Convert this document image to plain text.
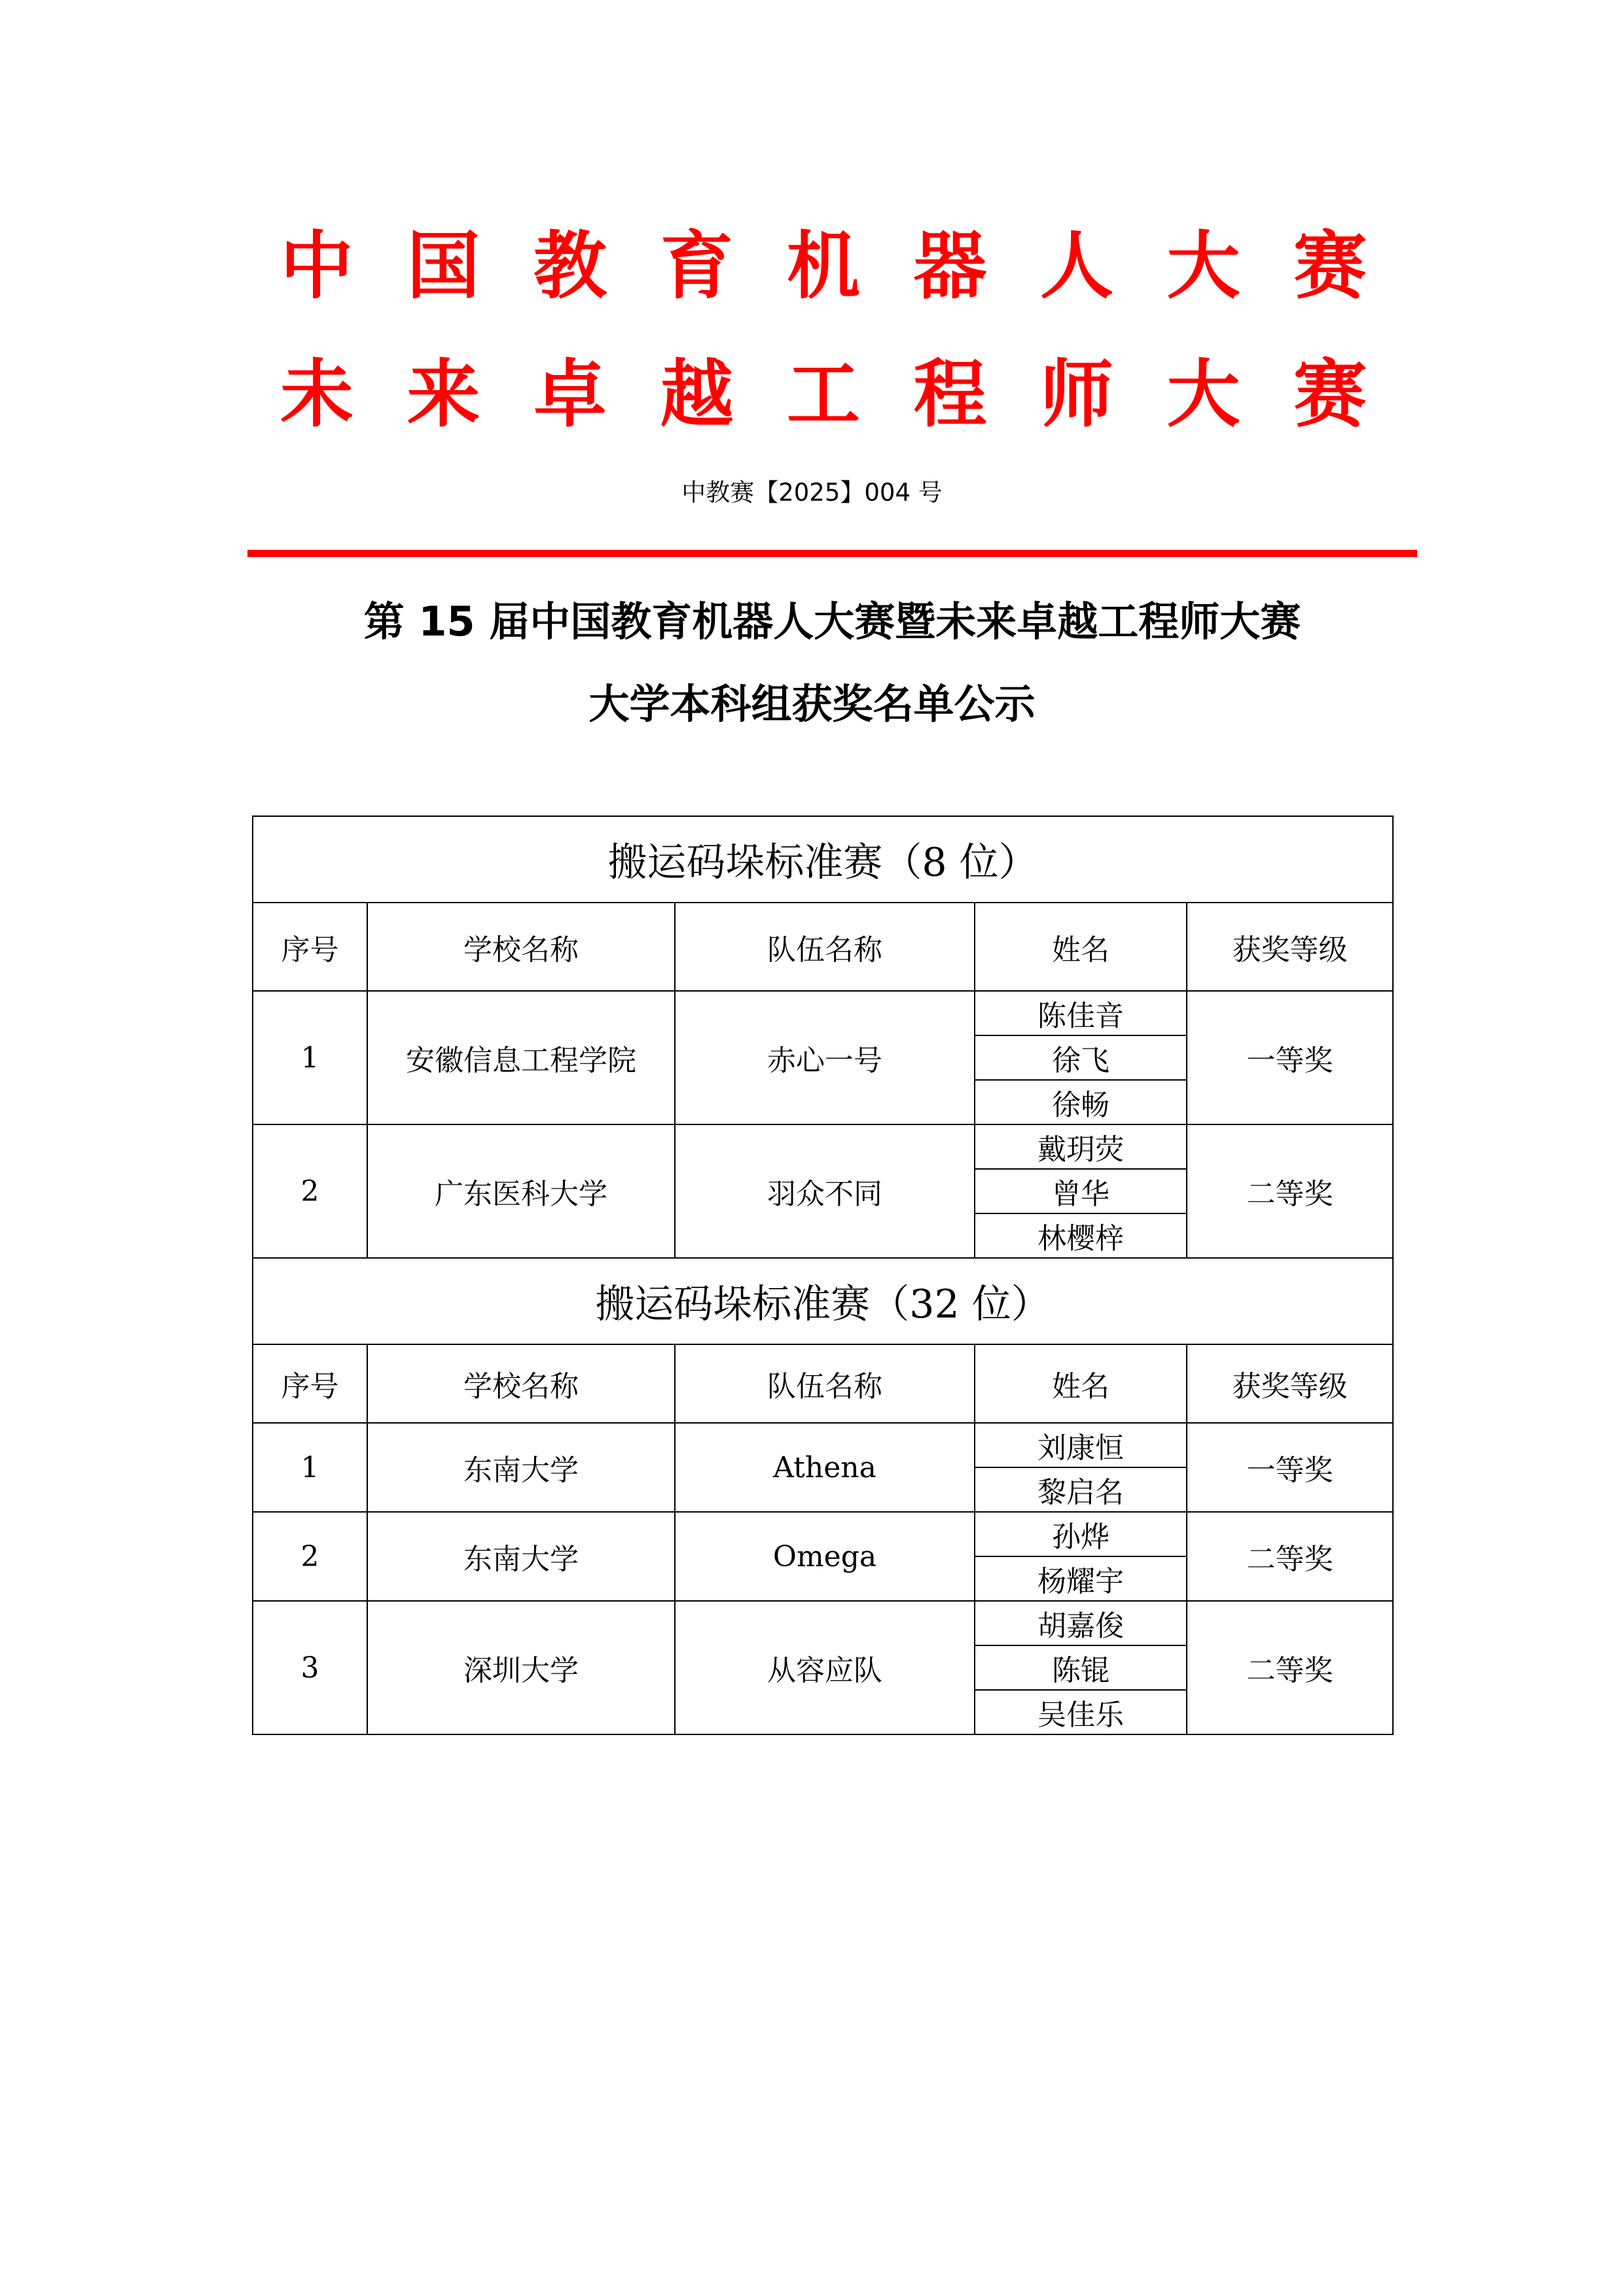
中 国 教 育 机 器 人 大 赛
未 来 卓 越 工 程 师 大 赛
中教赛【2025】004 号
第 15 届中国教育机器人大赛暨未来卓越工程师大赛
大学本科组获奖名单公示
搬运码垛标准赛（8 位）				
序号	学校名称	队伍名称	姓名	获奖等级
1	安徽信息工程学院	赤心一号	陈佳音	一等奖
			徐飞	
			徐畅	
2	广东医科大学	羽众不同	戴玥荧	二等奖
			曾华	
			林樱梓	
搬运码垛标准赛（32 位）				
序号	学校名称	队伍名称	姓名	获奖等级
1	东南大学	Athena	刘康恒	一等奖
			黎启名	
2	东南大学	Omega	孙烨	二等奖
			杨耀宇	
3	深圳大学	从容应队	胡嘉俊	二等奖
			陈锟	
			吴佳乐	
